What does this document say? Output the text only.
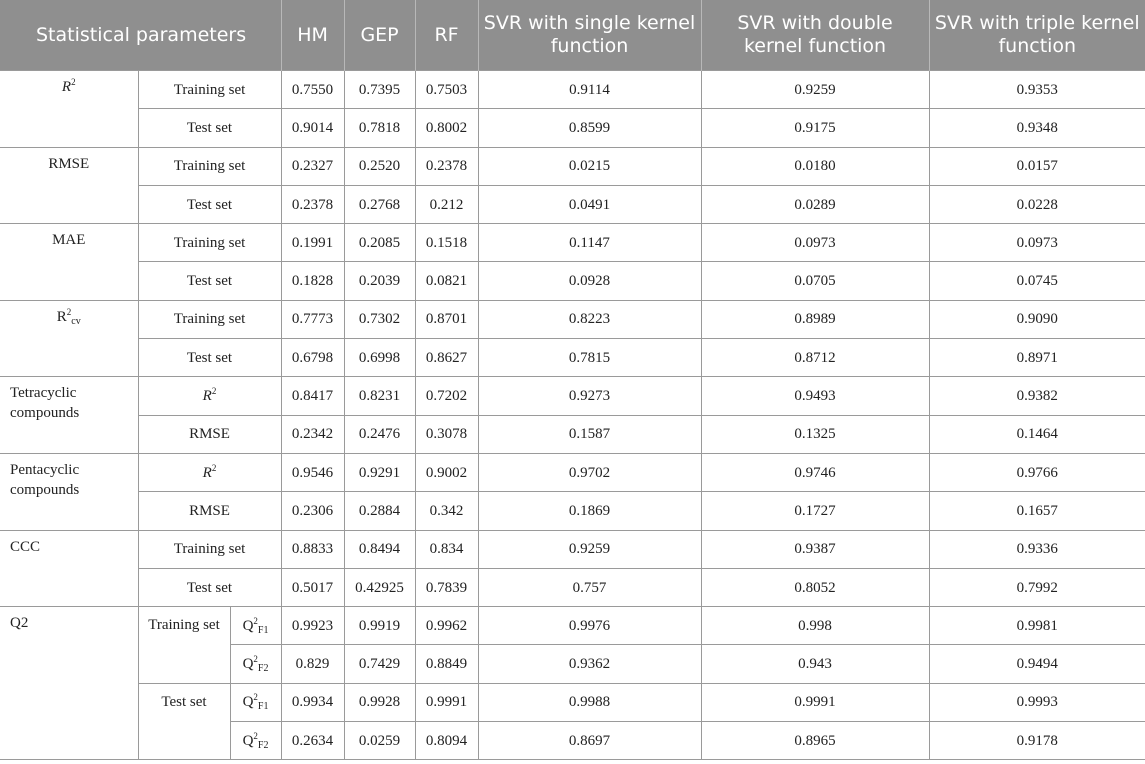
Statistical parameters			HM	GEP	RF	SVR with single kernel function	SVR with double kernel function	SVR with triple kernel function
$R^2$	Training set		0.7550	0.7395	0.7503	0.9114	0.9259	0.9353
	Test set		0.9014	0.7818	0.8002	0.8599	0.9175	0.9348
RMSE	Training set		0.2327	0.2520	0.2378	0.0215	0.0180	0.0157
	Test set		0.2378	0.2768	0.212	0.0491	0.0289	0.0228
MAE	Training set		0.1991	0.2085	0.1518	0.1147	0.0973	0.0973
	Test set		0.1828	0.2039	0.0821	0.0928	0.0705	0.0745
$R^2_{cv}$	Training set		0.7773	0.7302	0.8701	0.8223	0.8989	0.9090
	Test set		0.6798	0.6998	0.8627	0.7815	0.8712	0.8971
Tetracyclic compounds	$R^2$		0.8417	0.8231	0.7202	0.9273	0.9493	0.9382
	RMSE		0.2342	0.2476	0.3078	0.1587	0.1325	0.1464
Pentacyclic compounds	$R^2$		0.9546	0.9291	0.9002	0.9702	0.9746	0.9766
	RMSE		0.2306	0.2884	0.342	0.1869	0.1727	0.1657
CCC	Training set		0.8833	0.8494	0.834	0.9259	0.9387	0.9336
	Test set		0.5017	0.42925	0.7839	0.757	0.8052	0.7992
Q2	Training set	$Q^2_{F1}$	0.9923	0.9919	0.9962	0.9976	0.998	0.9981
		$Q^2_{F2}$	0.829	0.7429	0.8849	0.9362	0.943	0.9494
	Test set	$Q^2_{F1}$	0.9934	0.9928	0.9991	0.9988	0.9991	0.9993
		$Q^2_{F2}$	0.2634	0.0259	0.8094	0.8697	0.8965	0.9178
